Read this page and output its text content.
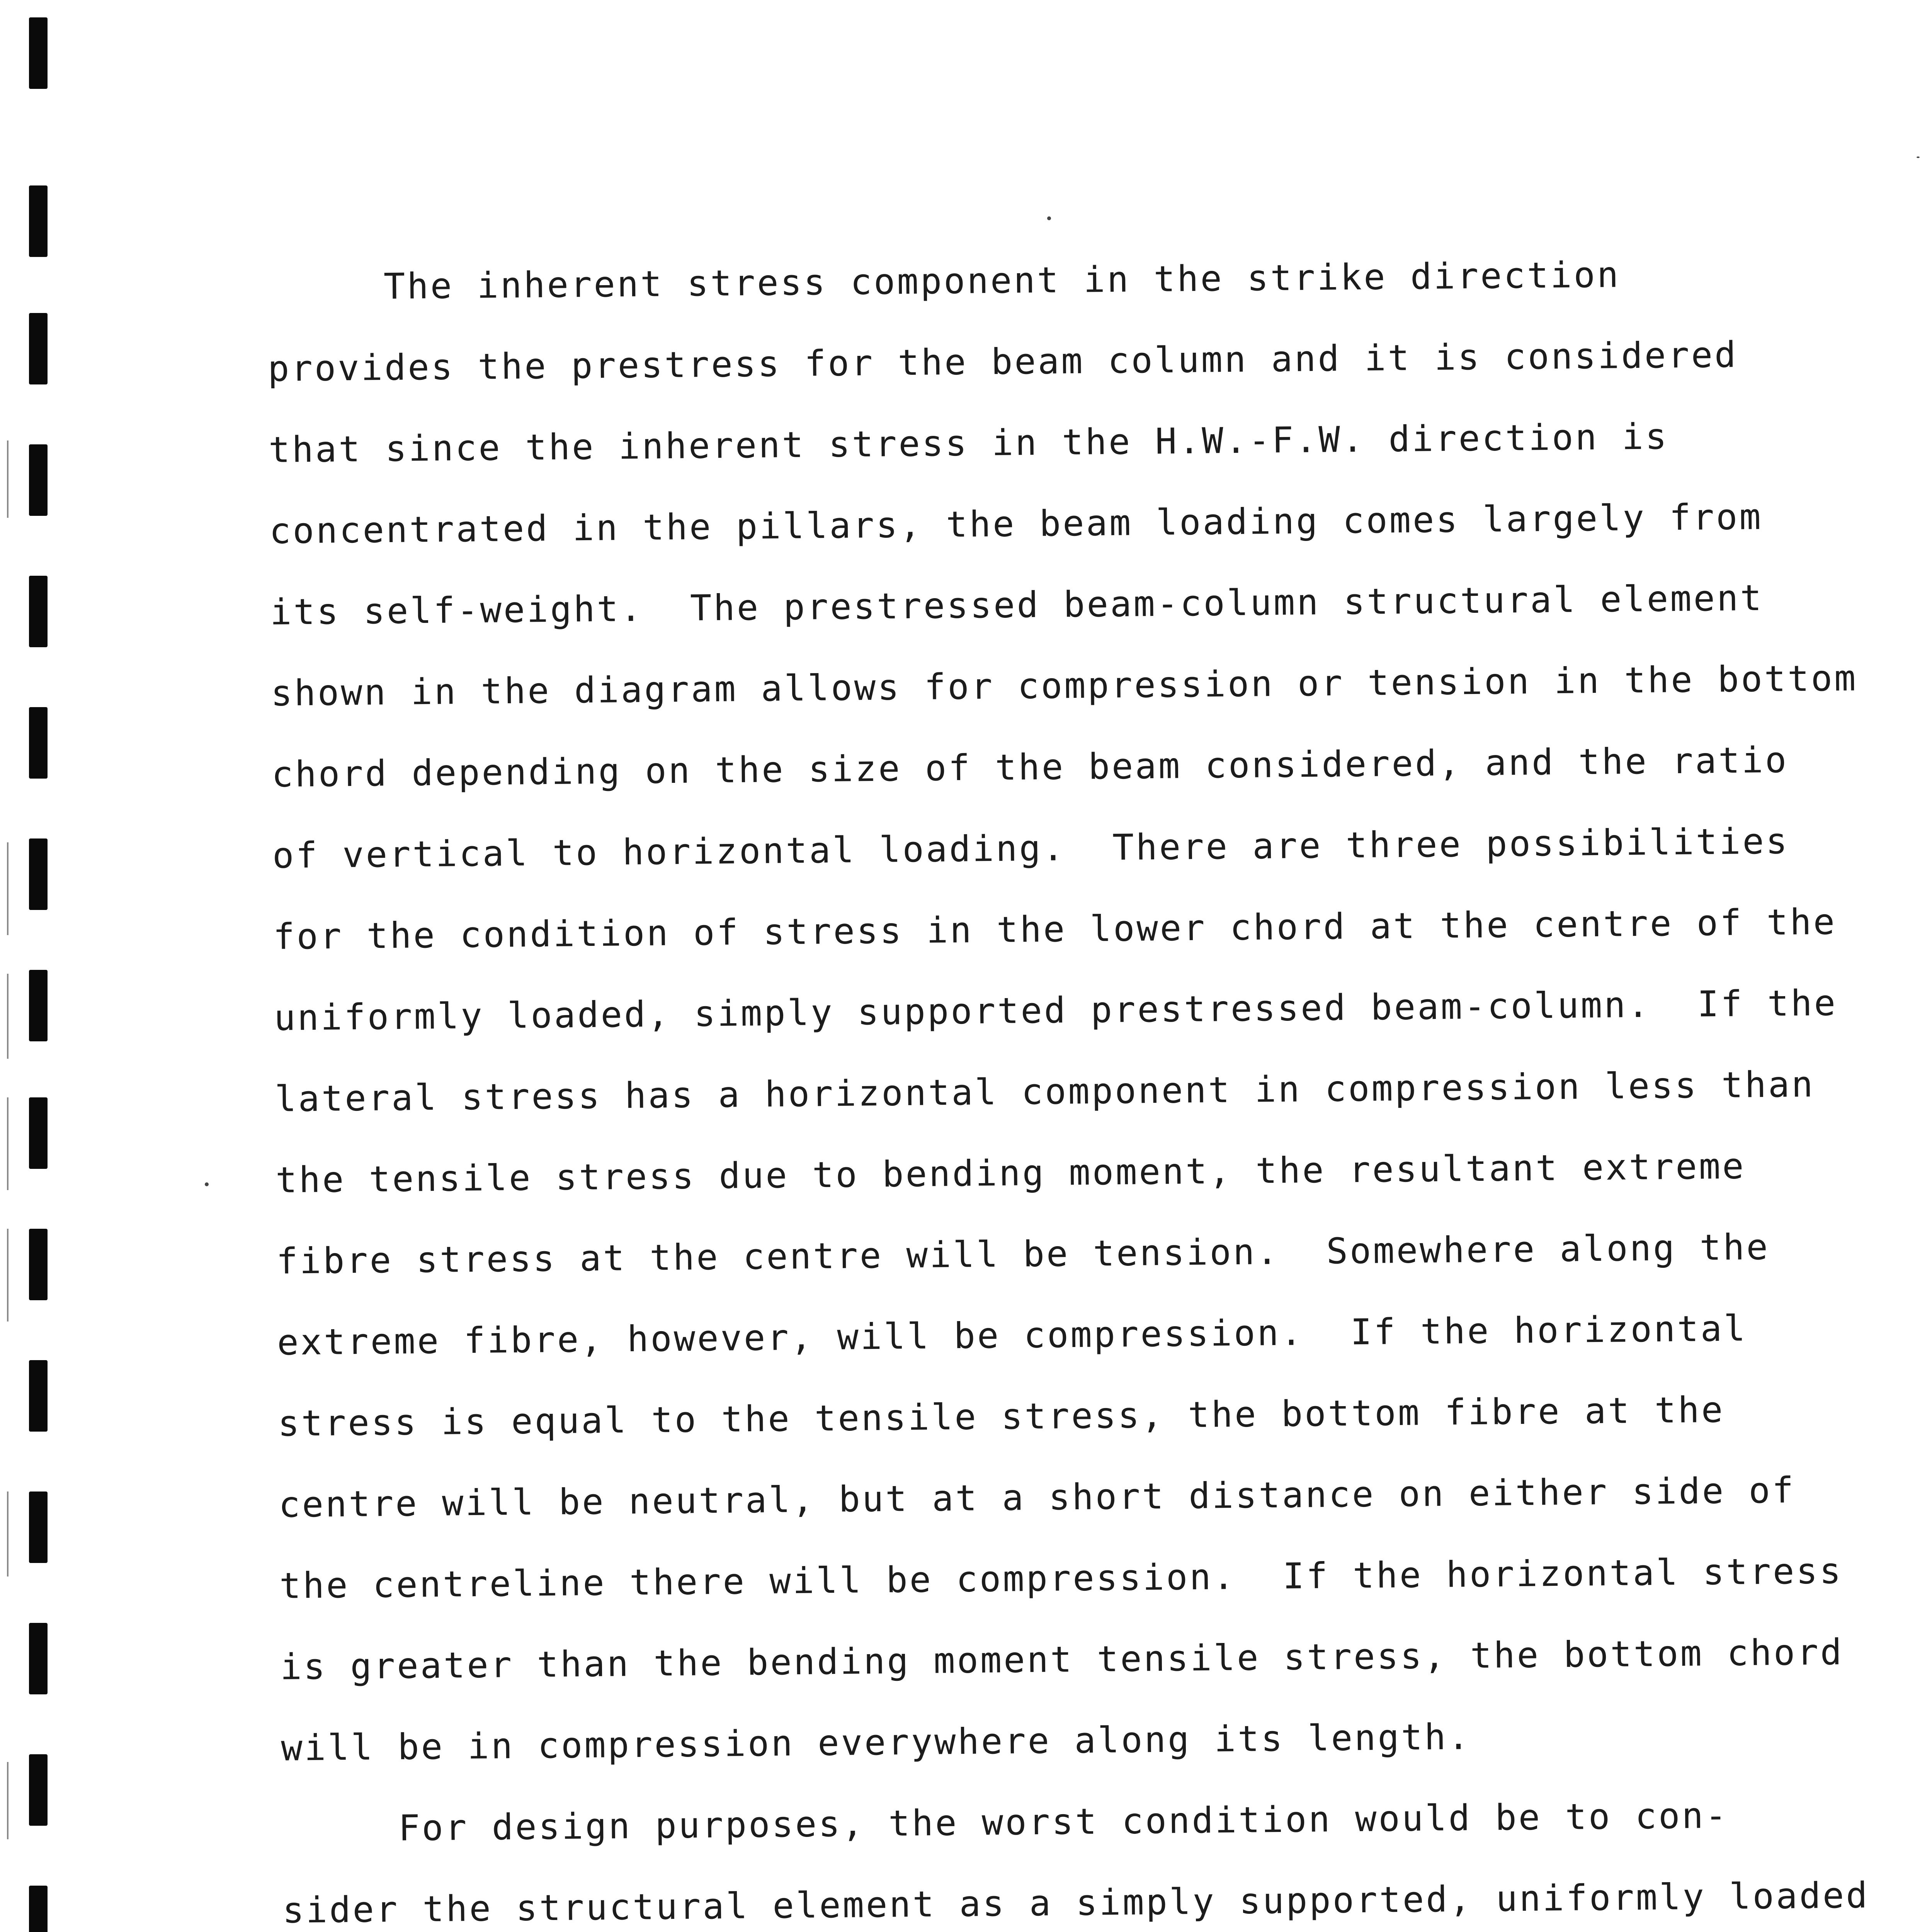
The inherent stress component in the strike direction
provides the prestress for the beam column and it is considered
that since the inherent stress in the H.W.-F.W. direction is
concentrated in the pillars, the beam loading comes largely from
its self-weight.  The prestressed beam-column structural element
shown in the diagram allows for compression or tension in the bottom
chord depending on the size of the beam considered, and the ratio
of vertical to horizontal loading.  There are three possibilities
for the condition of stress in the lower chord at the centre of the
uniformly loaded, simply supported prestressed beam-column.  If the
lateral stress has a horizontal component in compression less than
the tensile stress due to bending moment, the resultant extreme
fibre stress at the centre will be tension.  Somewhere along the
extreme fibre, however, will be compression.  If the horizontal
stress is equal to the tensile stress, the bottom fibre at the
centre will be neutral, but at a short distance on either side of
the centreline there will be compression.  If the horizontal stress
is greater than the bending moment tensile stress, the bottom chord
will be in compression everywhere along its length.
For design purposes, the worst condition would be to con-
sider the structural element as a simply supported, uniformly loaded
